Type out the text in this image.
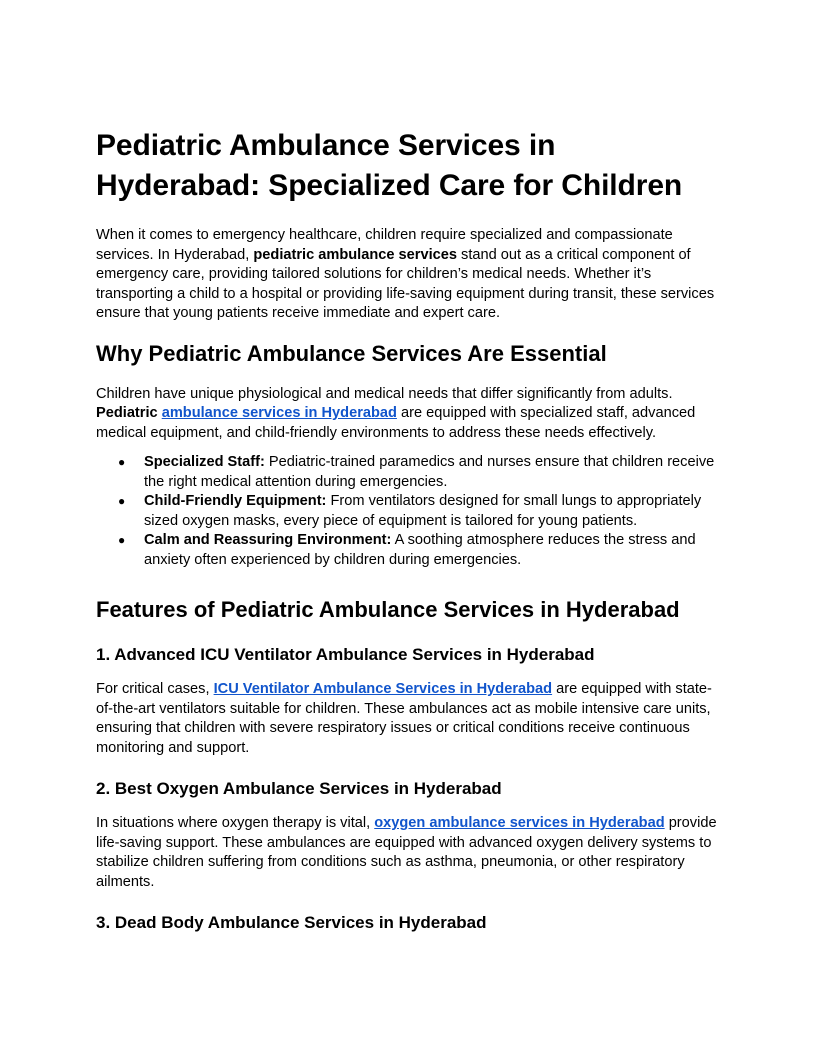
Pediatric Ambulance Services in Hyderabad: Specialized Care for Children

When it comes to emergency healthcare, children require specialized and compassionate services. In Hyderabad, pediatric ambulance services stand out as a critical component of emergency care, providing tailored solutions for children’s medical needs. Whether it’s transporting a child to a hospital or providing life-saving equipment during transit, these services ensure that young patients receive immediate and expert care.

Why Pediatric Ambulance Services Are Essential

Children have unique physiological and medical needs that differ significantly from adults. Pediatric ambulance services in Hyderabad are equipped with specialized staff, advanced medical equipment, and child-friendly environments to address these needs effectively.

● Specialized Staff: Pediatric-trained paramedics and nurses ensure that children receive the right medical attention during emergencies.
● Child-Friendly Equipment: From ventilators designed for small lungs to appropriately sized oxygen masks, every piece of equipment is tailored for young patients.
● Calm and Reassuring Environment: A soothing atmosphere reduces the stress and anxiety often experienced by children during emergencies.
Features of Pediatric Ambulance Services in Hyderabad
1. Advanced ICU Ventilator Ambulance Services in Hyderabad

For critical cases, ICU Ventilator Ambulance Services in Hyderabad are equipped with state-of-the-art ventilators suitable for children. These ambulances act as mobile intensive care units, ensuring that children with severe respiratory issues or critical conditions receive continuous monitoring and support.

2. Best Oxygen Ambulance Services in Hyderabad

In situations where oxygen therapy is vital, oxygen ambulance services in Hyderabad provide life-saving support. These ambulances are equipped with advanced oxygen delivery systems to stabilize children suffering from conditions such as asthma, pneumonia, or other respiratory ailments.

3. Dead Body Ambulance Services in Hyderabad
